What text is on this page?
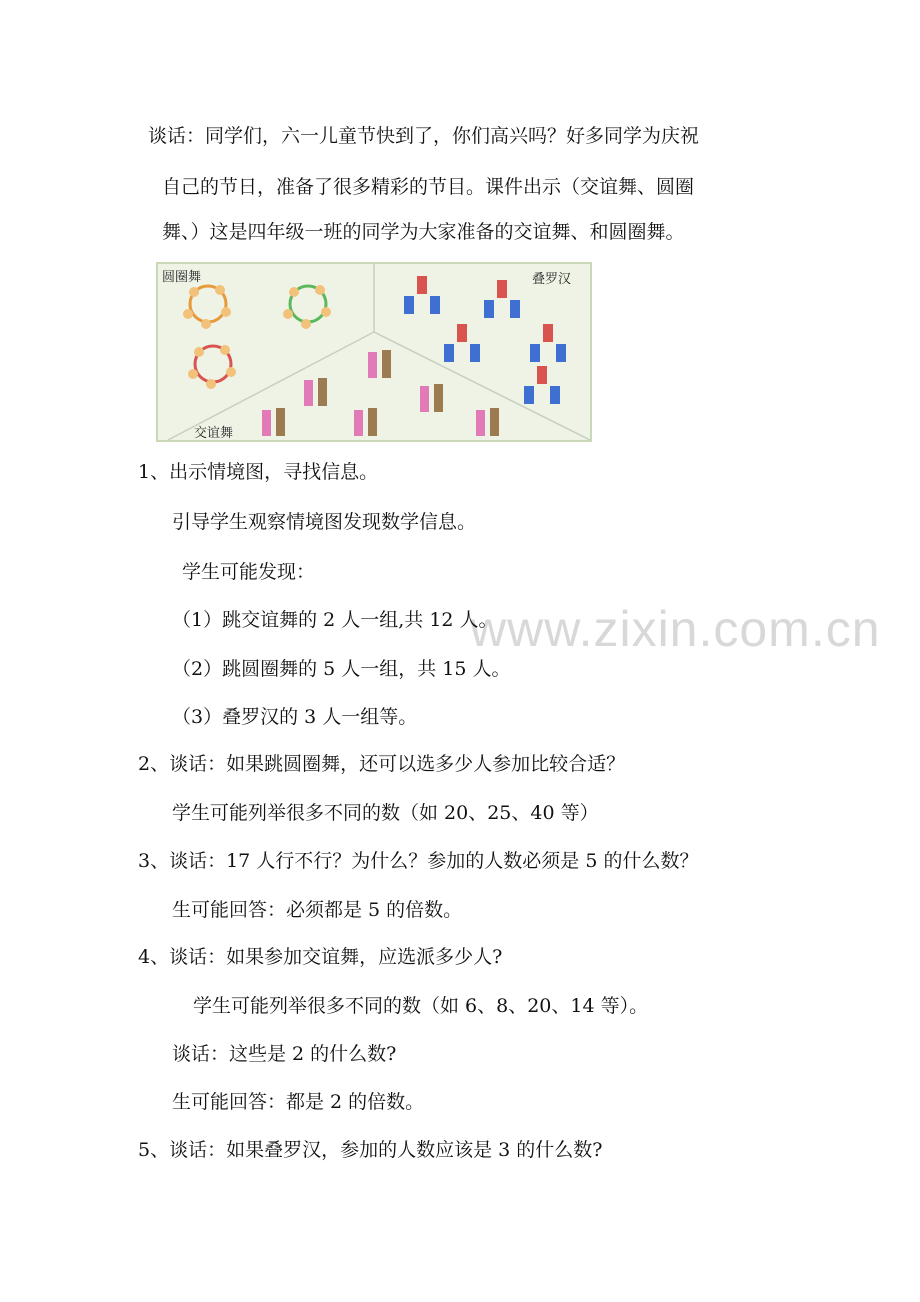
www.zixin.com.cn
谈话：同学们，六一儿童节快到了，你们高兴吗？好多同学为庆祝
自己的节日，准备了很多精彩的节目。课件出示（交谊舞、圆圈
舞、）这是四年级一班的同学为大家准备的交谊舞、和圆圈舞。
圆圈舞	叠罗汉
交谊舞
1、出示情境图，寻找信息。
引导学生观察情境图发现数学信息。
学生可能发现：
（1）跳交谊舞的 2 人一组,共 12 人。
（2）跳圆圈舞的 5 人一组，共 15 人。
（3）叠罗汉的 3 人一组等。
2、谈话：如果跳圆圈舞，还可以选多少人参加比较合适？
学生可能列举很多不同的数（如 20、25、40 等）
3、谈话：17 人行不行？为什么？参加的人数必须是 5 的什么数？
生可能回答：必须都是 5 的倍数。
4、谈话：如果参加交谊舞，应选派多少人?
学生可能列举很多不同的数（如 6、8、20、14 等）。
谈话：这些是 2 的什么数?
生可能回答：都是 2 的倍数。
5、谈话：如果叠罗汉，参加的人数应该是 3 的什么数?
